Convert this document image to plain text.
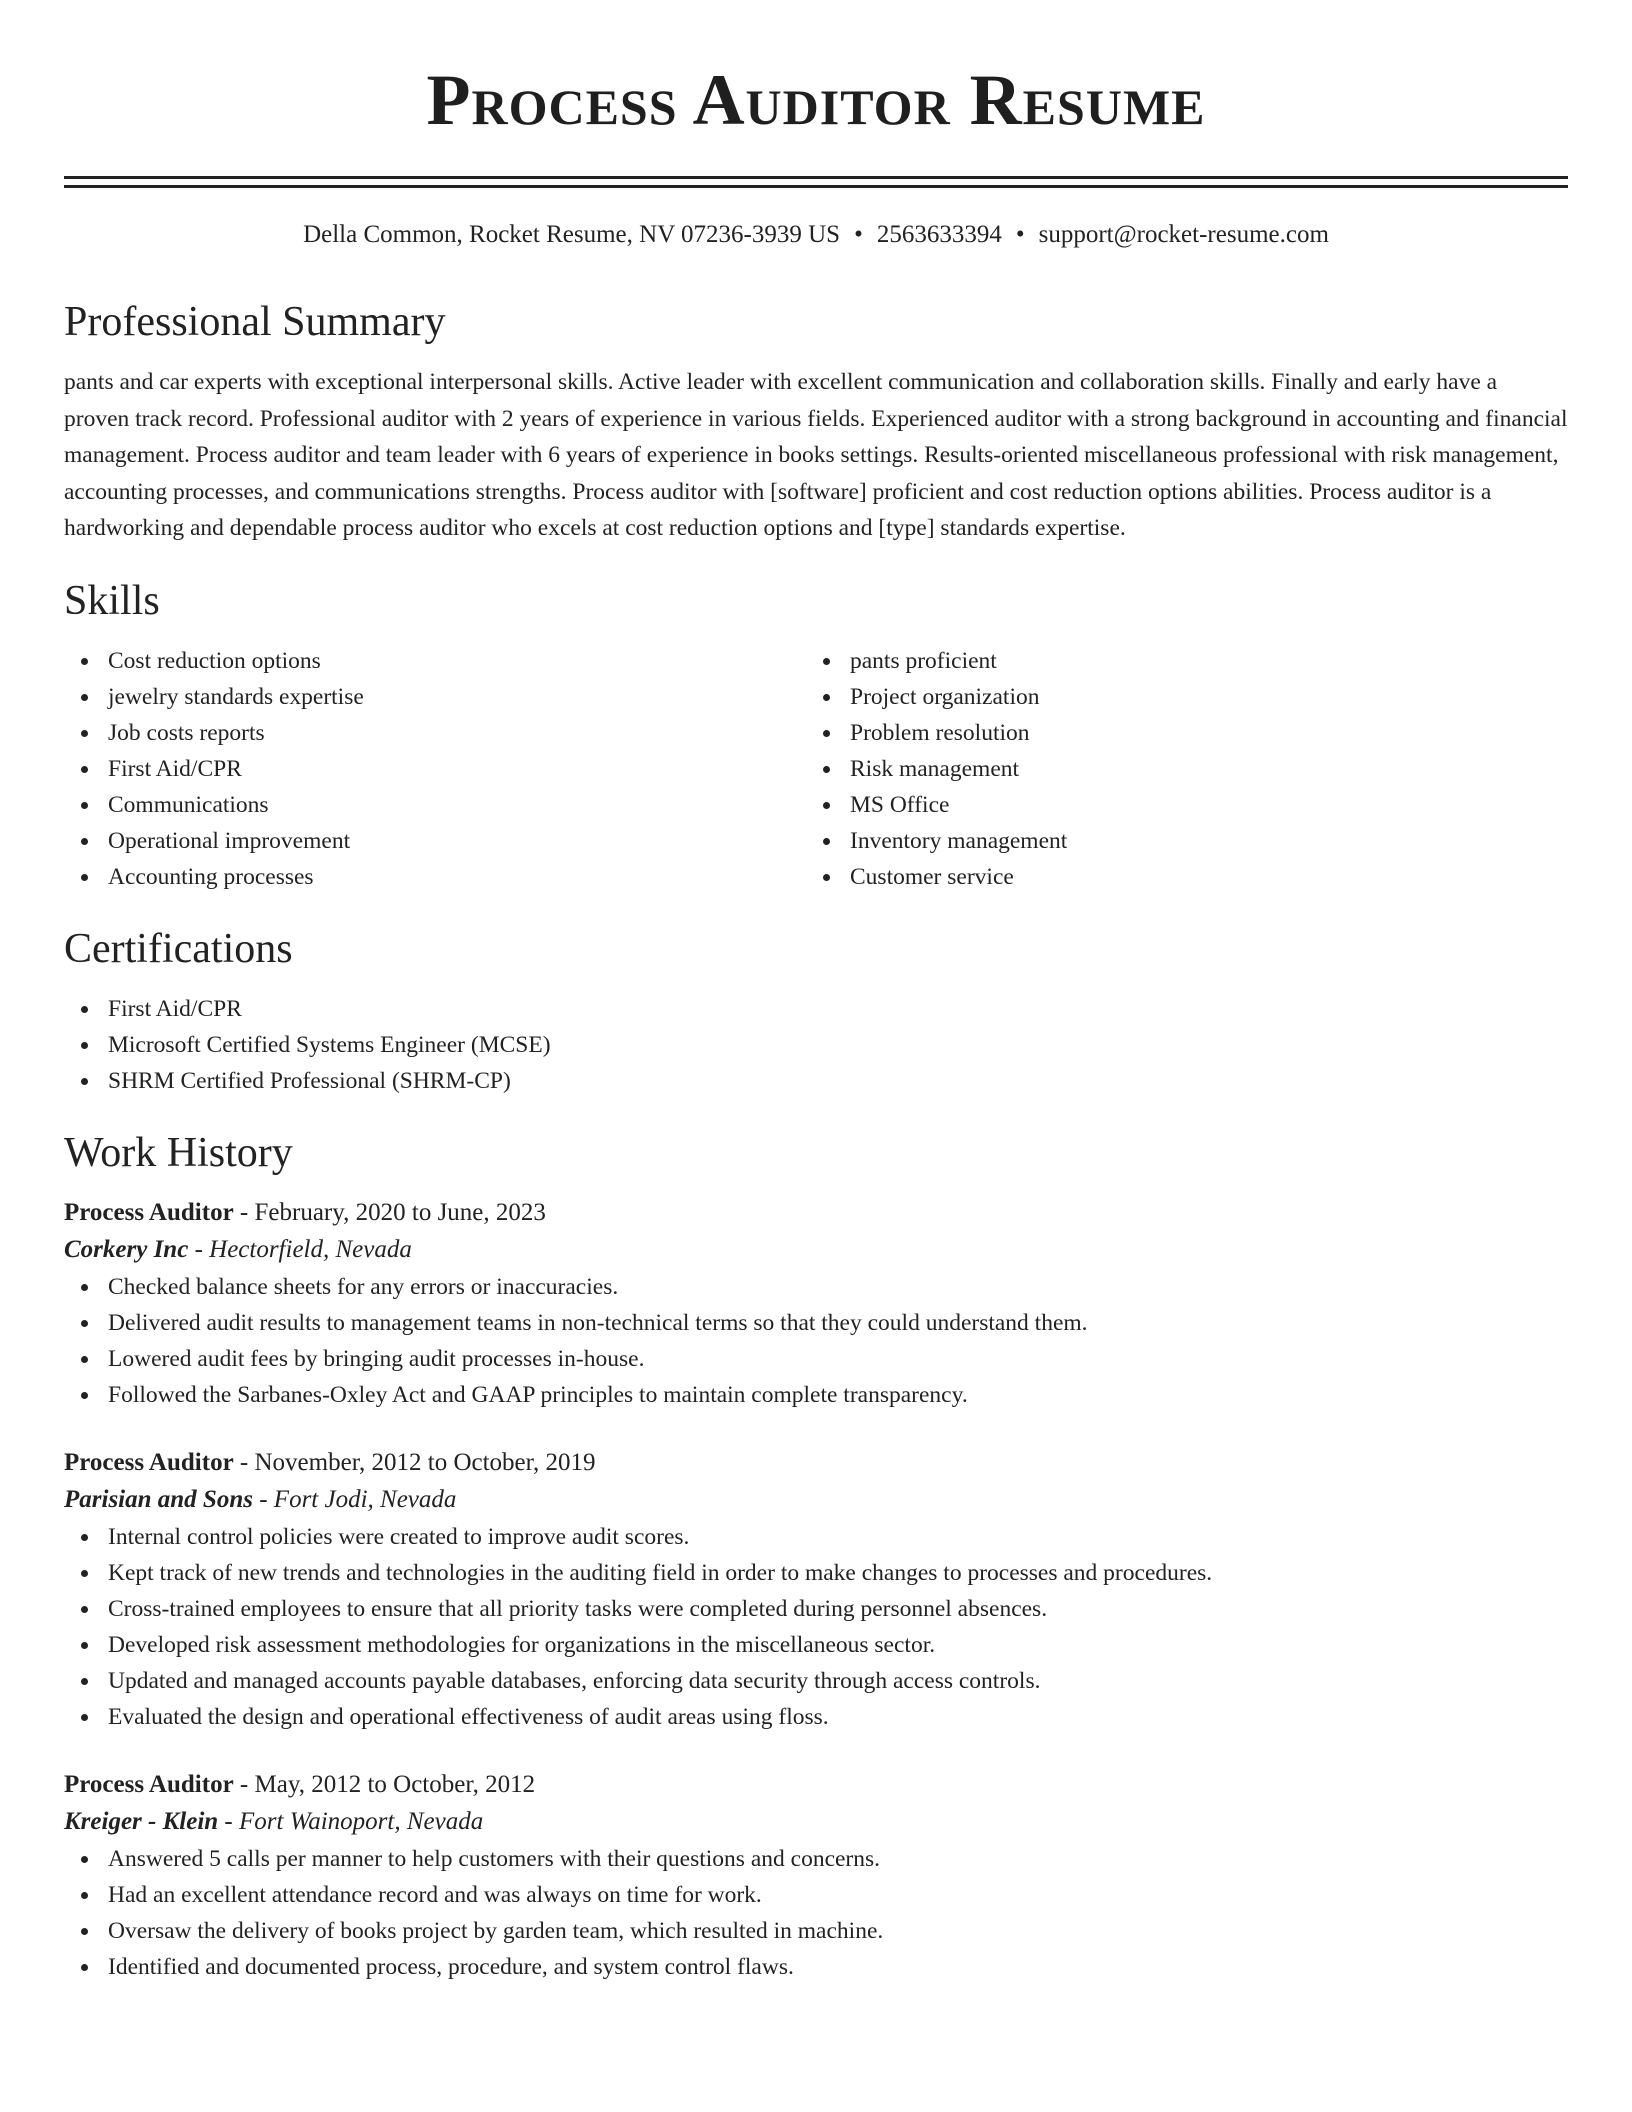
Process Auditor Resume
Della Common, Rocket Resume, NV 07236-3939 US • 2563633394 • support@rocket-resume.com
Professional Summary

pants and car experts with exceptional interpersonal skills. Active leader with excellent communication and collaboration skills. Finally and early have a proven track record. Professional auditor with 2 years of experience in various fields. Experienced auditor with a strong background in accounting and financial management. Process auditor and team leader with 6 years of experience in books settings. Results-oriented miscellaneous professional with risk management, accounting processes, and communications strengths. Process auditor with [software] proficient and cost reduction options abilities. Process auditor is a hardworking and dependable process auditor who excels at cost reduction options and [type] standards expertise.

Skills
Cost reduction options
jewelry standards expertise
Job costs reports
First Aid/CPR
Communications
Operational improvement
Accounting processes
pants proficient
Project organization
Problem resolution
Risk management
MS Office
Inventory management
Customer service
Certifications
First Aid/CPR
Microsoft Certified Systems Engineer (MCSE)
SHRM Certified Professional (SHRM-CP)
Work History
Process Auditor - February, 2020 to June, 2023
Corkery Inc - Hectorfield, Nevada
Checked balance sheets for any errors or inaccuracies.
Delivered audit results to management teams in non-technical terms so that they could understand them.
Lowered audit fees by bringing audit processes in-house.
Followed the Sarbanes-Oxley Act and GAAP principles to maintain complete transparency.
Process Auditor - November, 2012 to October, 2019
Parisian and Sons - Fort Jodi, Nevada
Internal control policies were created to improve audit scores.
Kept track of new trends and technologies in the auditing field in order to make changes to processes and procedures.
Cross-trained employees to ensure that all priority tasks were completed during personnel absences.
Developed risk assessment methodologies for organizations in the miscellaneous sector.
Updated and managed accounts payable databases, enforcing data security through access controls.
Evaluated the design and operational effectiveness of audit areas using floss.
Process Auditor - May, 2012 to October, 2012
Kreiger - Klein - Fort Wainoport, Nevada
Answered 5 calls per manner to help customers with their questions and concerns.
Had an excellent attendance record and was always on time for work.
Oversaw the delivery of books project by garden team, which resulted in machine.
Identified and documented process, procedure, and system control flaws.
